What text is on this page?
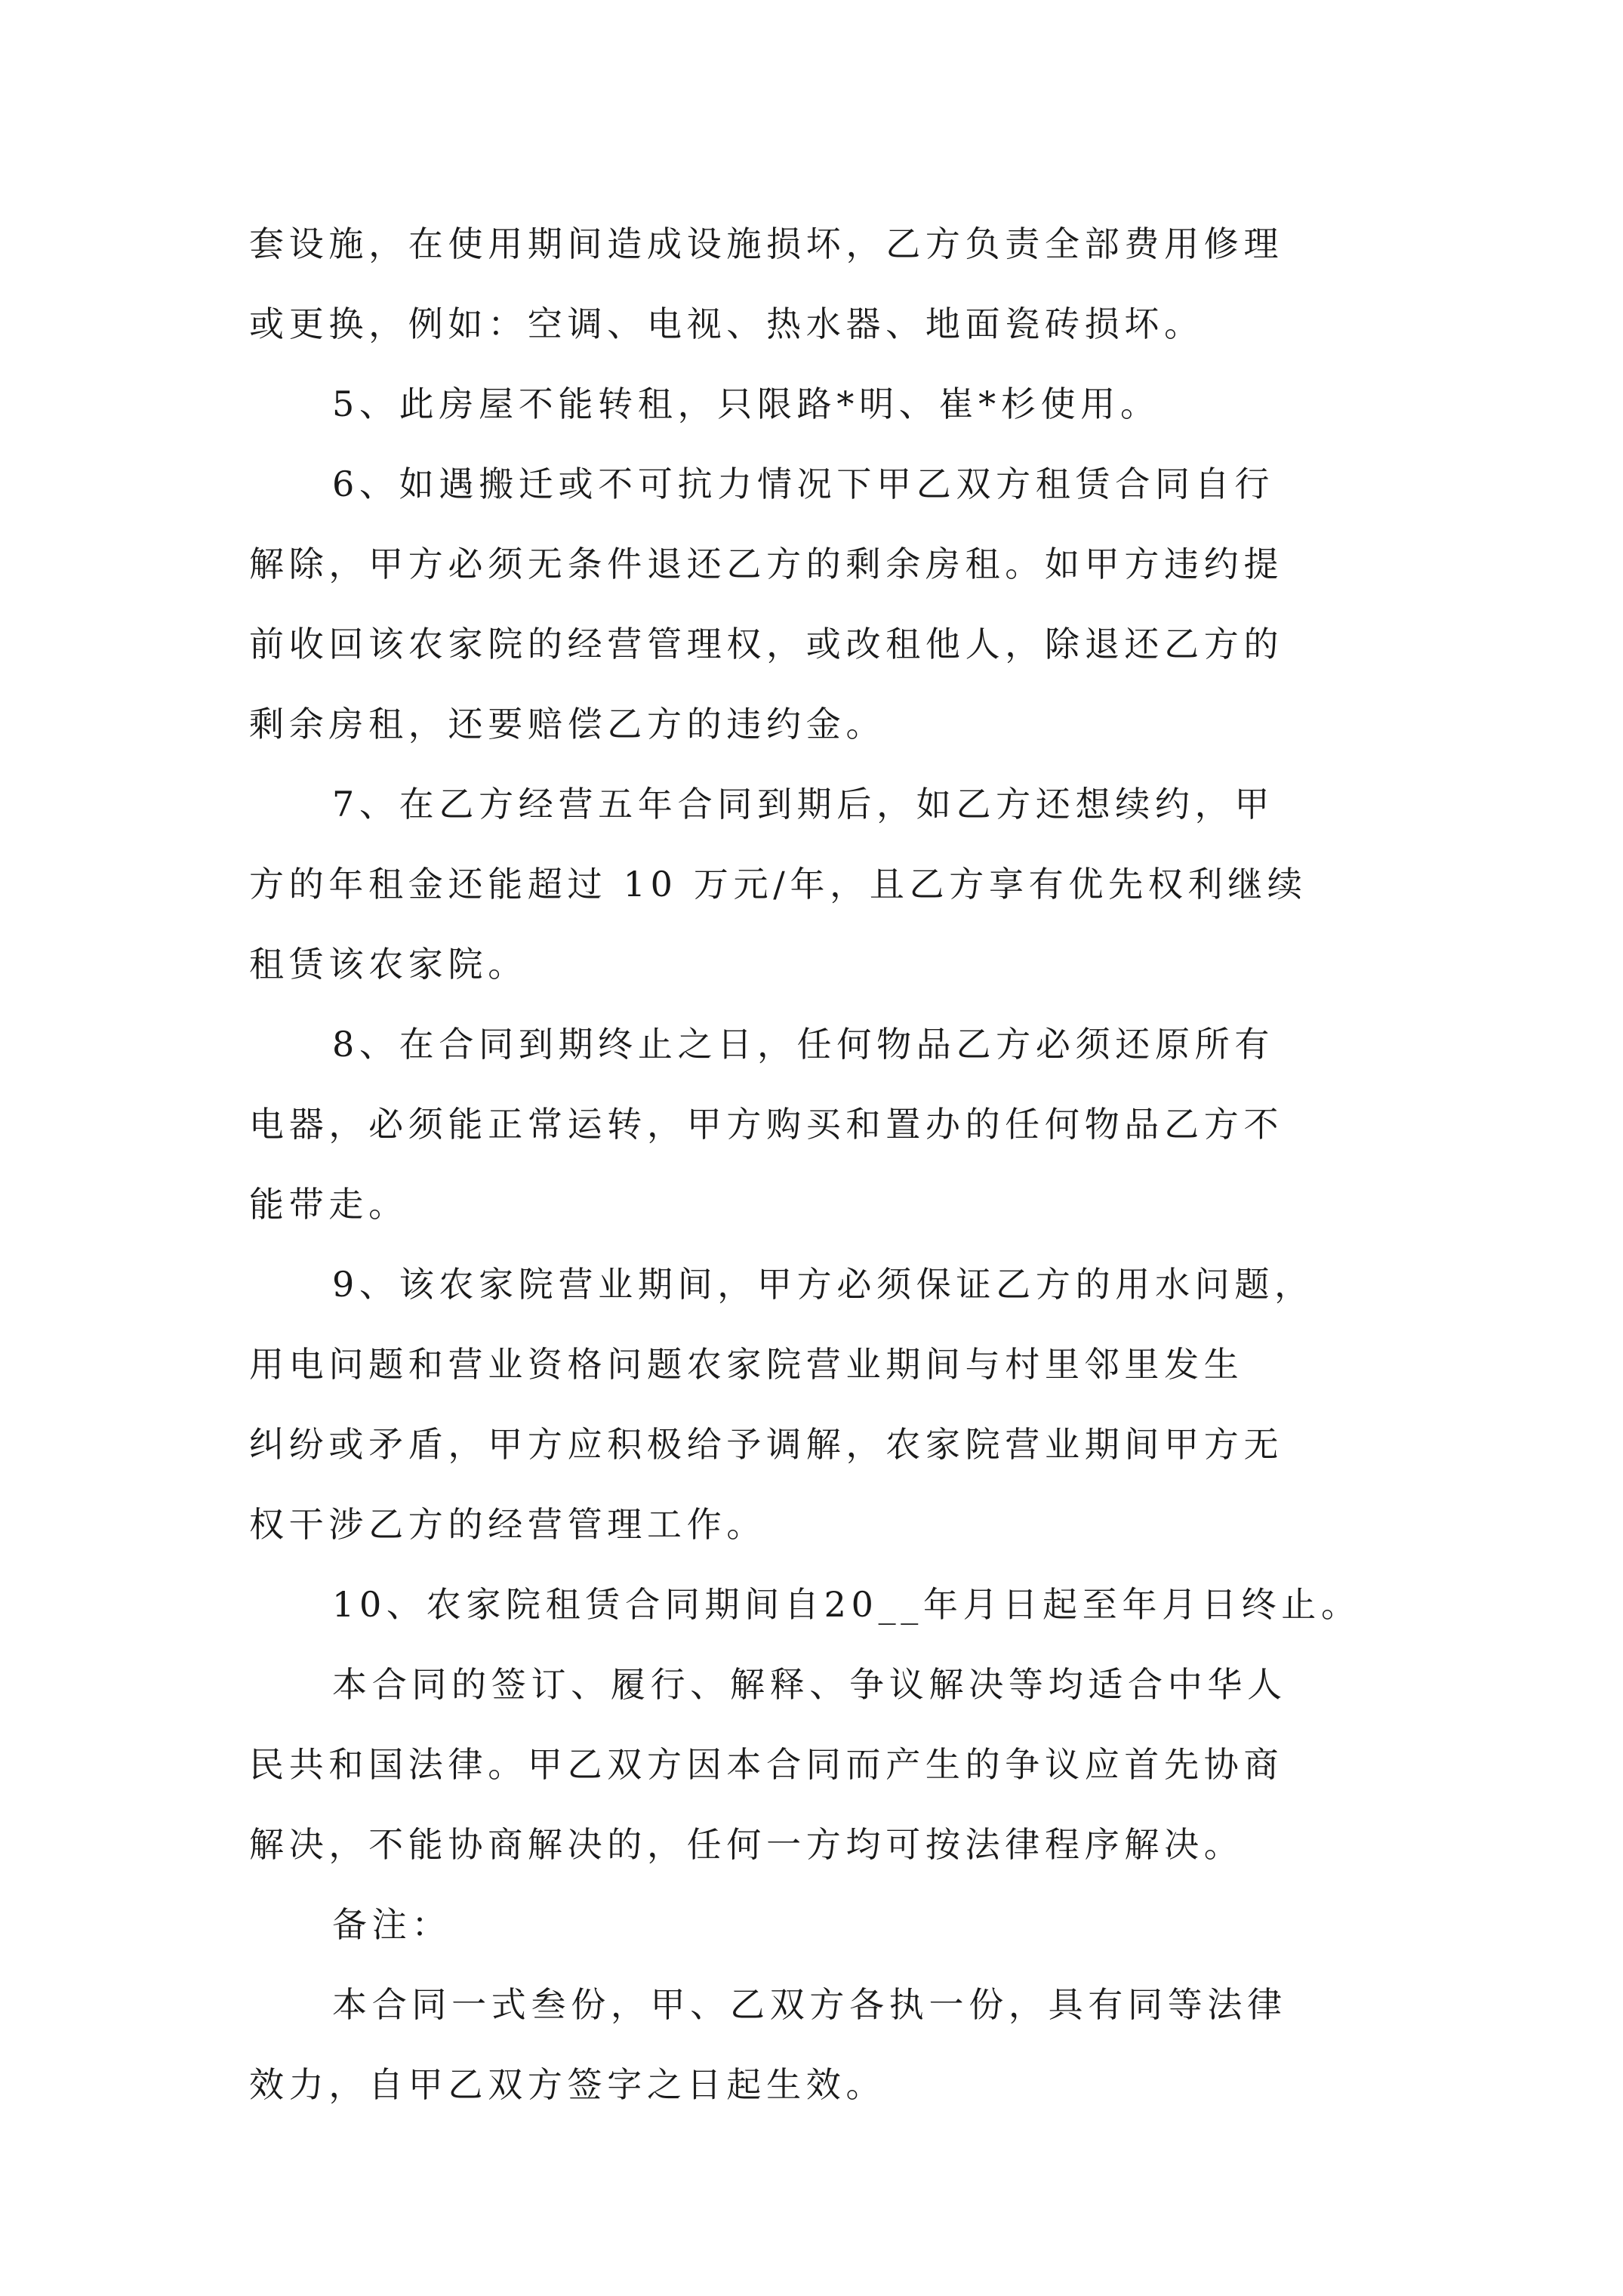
套设施，在使用期间造成设施损坏，乙方负责全部费用修理
或更换，例如：空调、电视、热水器、地面瓷砖损坏。
5、此房屋不能转租，只限路*明、崔*杉使用。
6、如遇搬迁或不可抗力情况下甲乙双方租赁合同自行
解除，甲方必须无条件退还乙方的剩余房租。如甲方违约提
前收回该农家院的经营管理权，或改租他人，除退还乙方的
剩余房租，还要赔偿乙方的违约金。
7、在乙方经营五年合同到期后，如乙方还想续约，甲
方的年租金还能超过 10 万元/年，且乙方享有优先权利继续
租赁该农家院。
8、在合同到期终止之日，任何物品乙方必须还原所有
电器，必须能正常运转，甲方购买和置办的任何物品乙方不
能带走。
9、该农家院营业期间，甲方必须保证乙方的用水问题，
用电问题和营业资格问题农家院营业期间与村里邻里发生
纠纷或矛盾，甲方应积极给予调解，农家院营业期间甲方无
权干涉乙方的经营管理工作。
10、农家院租赁合同期间自20__年月日起至年月日终止。
本合同的签订、履行、解释、争议解决等均适合中华人
民共和国法律。甲乙双方因本合同而产生的争议应首先协商
解决，不能协商解决的，任何一方均可按法律程序解决。
备注：
本合同一式叁份，甲、乙双方各执一份，具有同等法律
效力，自甲乙双方签字之日起生效。
